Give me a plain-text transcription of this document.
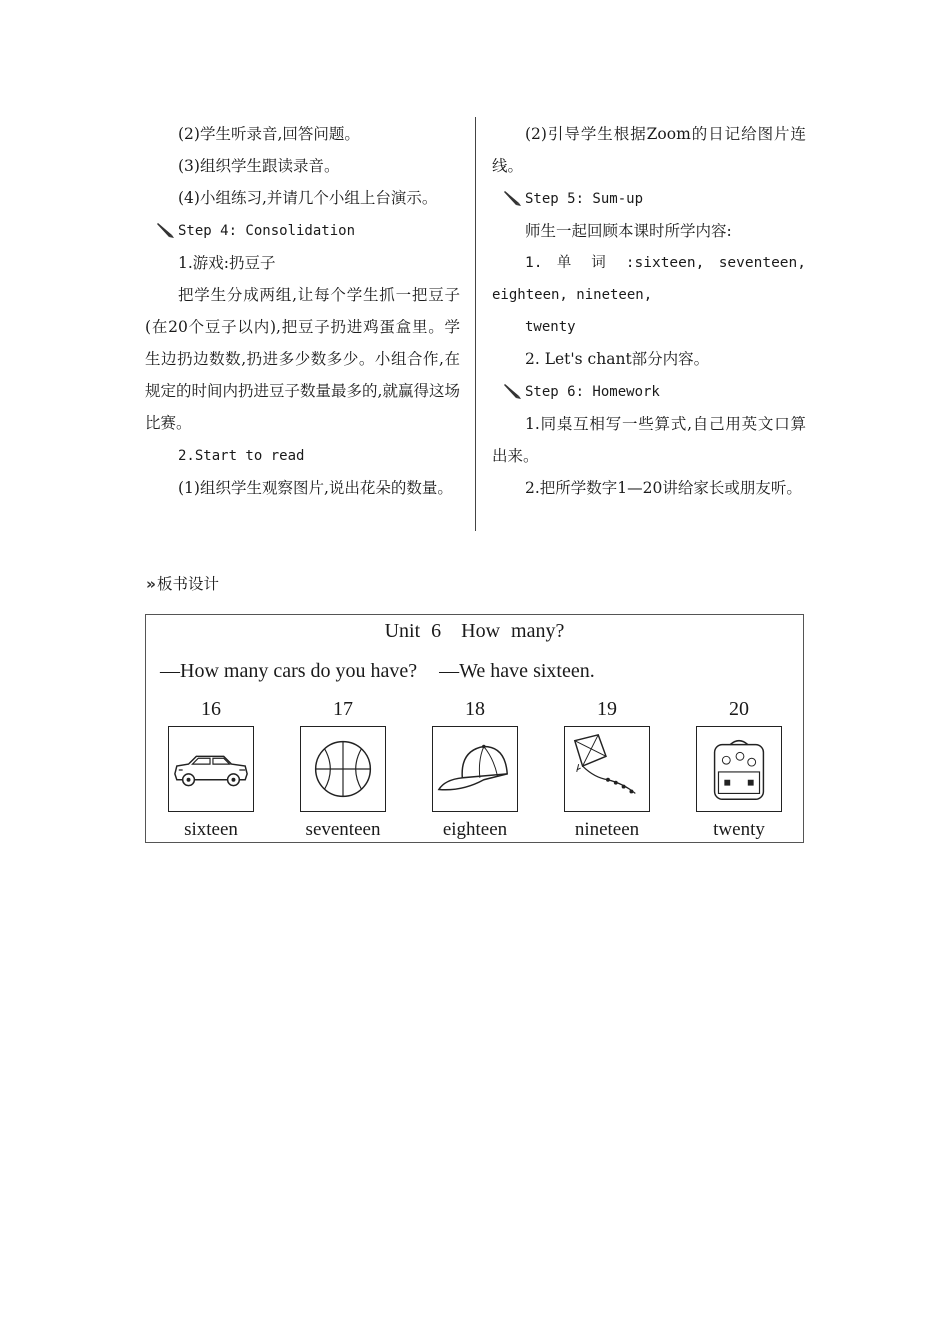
(2)学生听录音,回答问题。

(3)组织学生跟读录音。

(4)小组练习,并请几个小组上台演示。

Step 4: Consolidation

1.游戏:扔豆子

把学生分成两组,让每个学生抓一把豆子(在20个豆子以内),把豆子扔进鸡蛋盒里。学生边扔边数数,扔进多少数多少。小组合作,在规定的时间内扔进豆子数量最多的,就赢得这场比赛。

2.Start to read

(1)组织学生观察图片,说出花朵的数量。

(2)引导学生根据Zoom的日记给图片连线。

Step 5: Sum-up

师生一起回顾本课时所学内容:

1. 单 词 :sixteen, seventeen,

eighteen, nineteen,

twenty

2. Let's chant部分内容。

Step 6: Homework

1.同桌互相写一些算式,自己用英文口算出来。

2.把所学数字1—20讲给家长或朋友听。

» 板书设计
Unit 6　How many?
—How many cars do you have? —We have sixteen.
16
sixteen
17
seventeen
18
eighteen
19
nineteen
20
twenty
